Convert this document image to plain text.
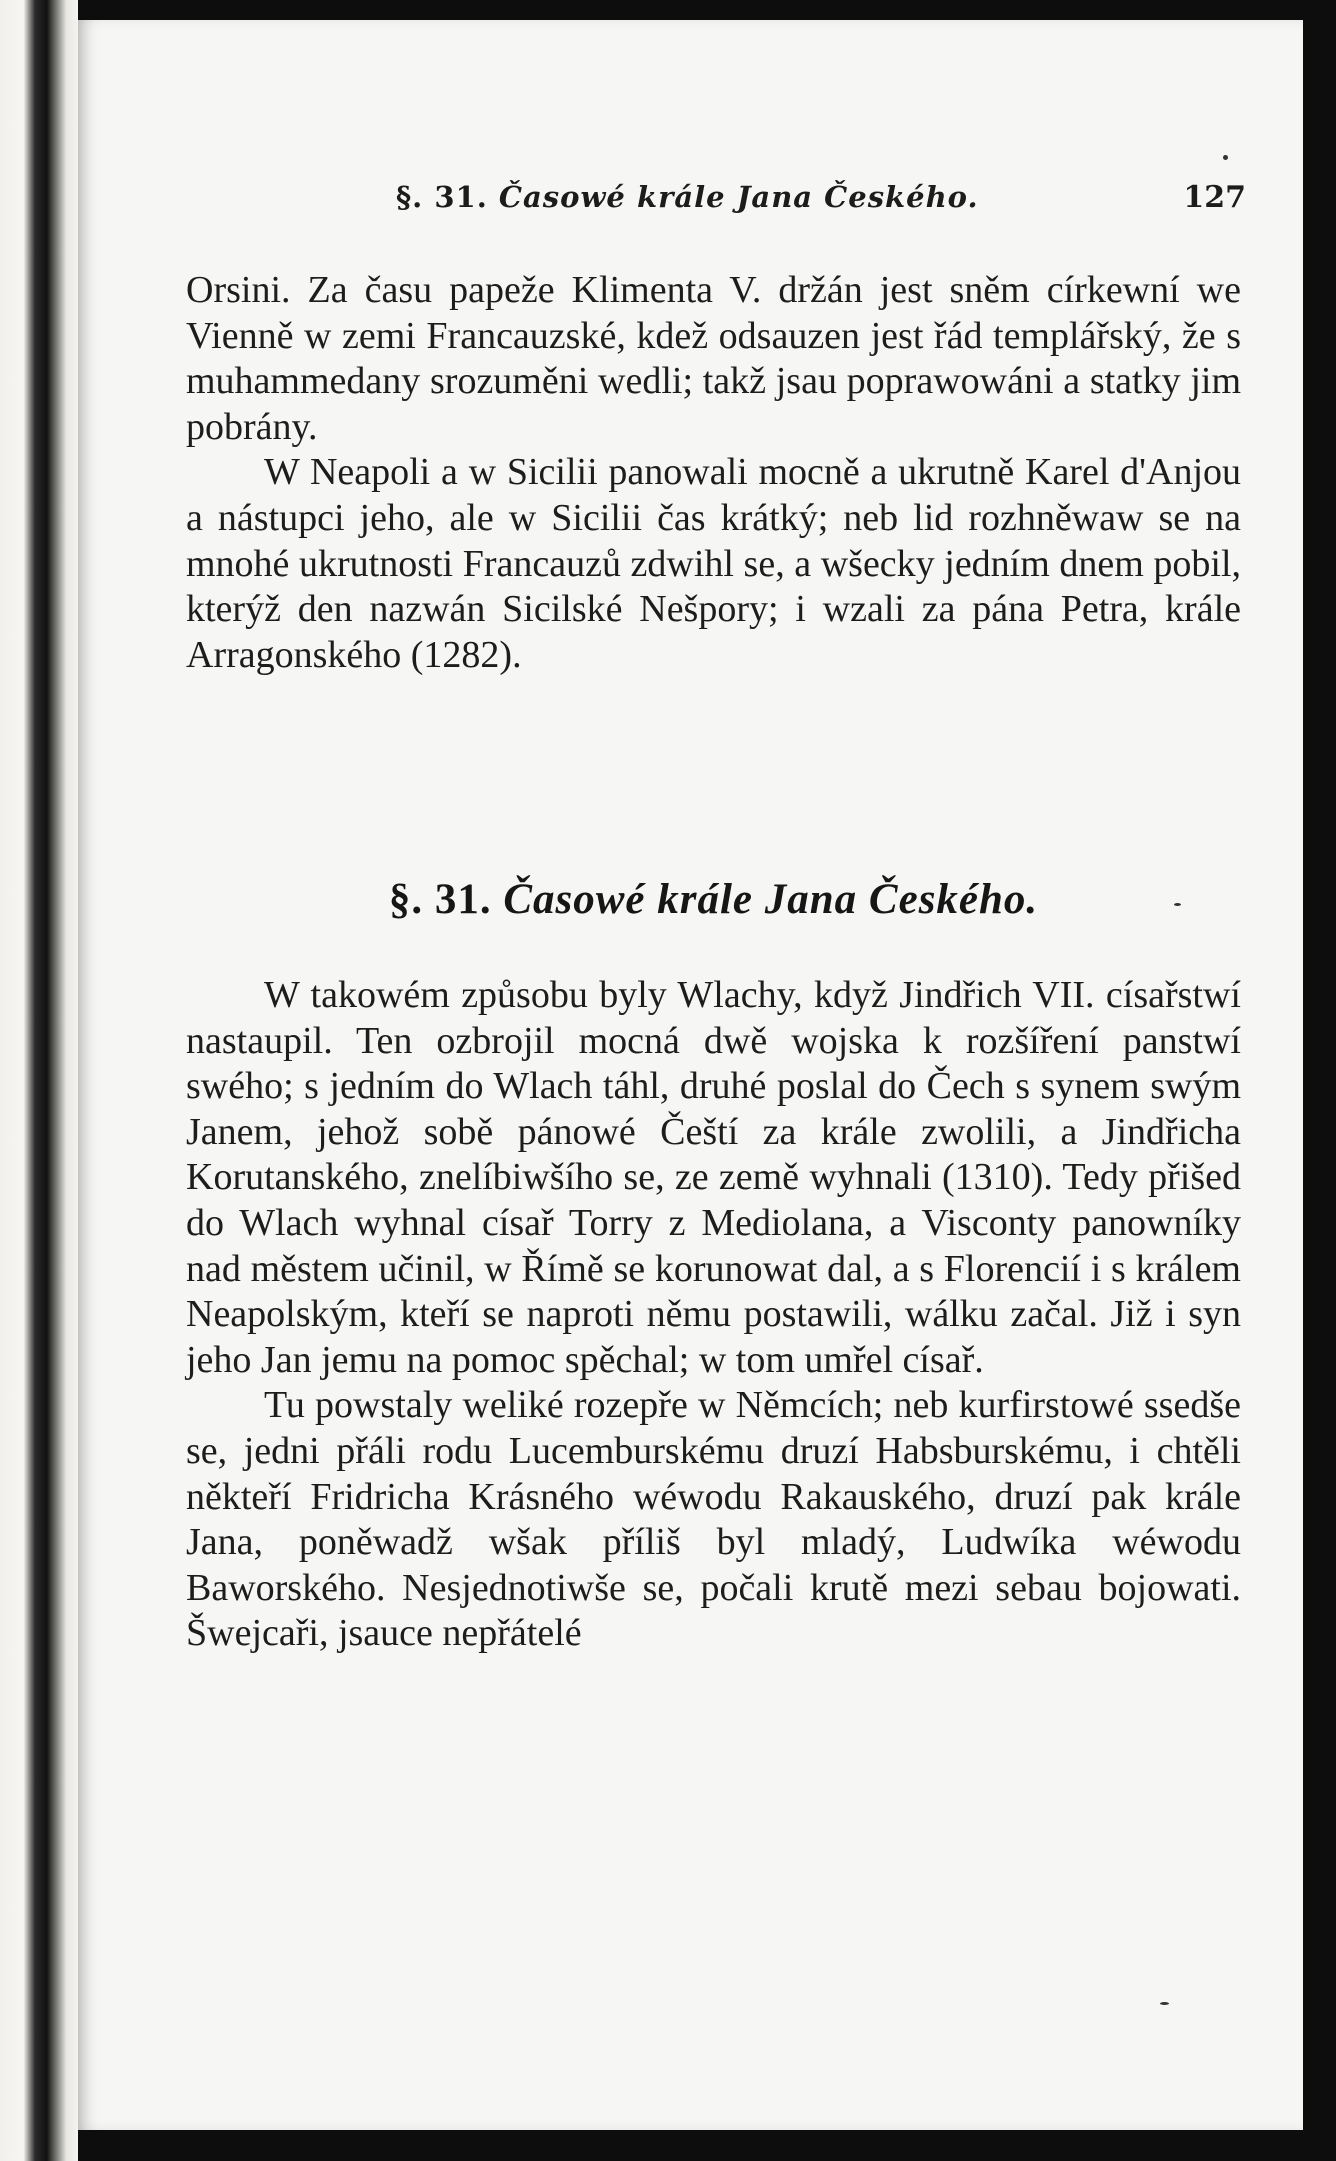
§. 31. Časowé krále Jana Českého.	127

Orsini. Za času papeže Klimenta V. držán jest sněm církewní we Vienně w zemi Francauzské, kdež odsauzen jest řád templářský, že s muhammedany srozuměni wedli; takž jsau poprawowáni a statky jim pobrány.

W Neapoli a w Sicilii panowali mocně a ukrutně Karel d'Anjou a nástupci jeho, ale w Sicilii čas krátký; neb lid rozhněwaw se na mnohé ukrutnosti Francauzů zdwihl se, a wšecky jedním dnem pobil, kterýž den nazwán Sicilské Nešpory; i wzali za pána Petra, krále Arragonského (1282).

§. 31. Časowé krále Jana Českého.

W takowém způsobu byly Wlachy, když Jindřich VII. císařstwí nastaupil. Ten ozbrojil mocná dwě wojska k rozšíření panstwí swého; s jedním do Wlach táhl, druhé poslal do Čech s synem swým Janem, jehož sobě pánowé Čeští za krále zwolili, a Jindřicha Korutanského, znelíbiwšího se, ze země wyhnali (1310). Tedy přišed do Wlach wyhnal císař Torry z Mediolana, a Visconty panowníky nad městem učinil, w Římě se korunowat dal, a s Florencií i s králem Neapolským, kteří se naproti němu postawili, wálku začal. Již i syn jeho Jan jemu na pomoc spěchal; w tom umřel císař.

Tu powstaly weliké rozepře w Němcích; neb kurfirstowé ssedše se, jedni přáli rodu Lucemburskému druzí Habsburskému, i chtěli někteří Fridricha Krásného wéwodu Rakauského, druzí pak krále Jana, poněwadž wšak příliš byl mladý, Ludwíka wéwodu Baworského. Nesjednotiwše se, počali krutě mezi sebau bojowati. Šwejcaři, jsauce nepřátelé
